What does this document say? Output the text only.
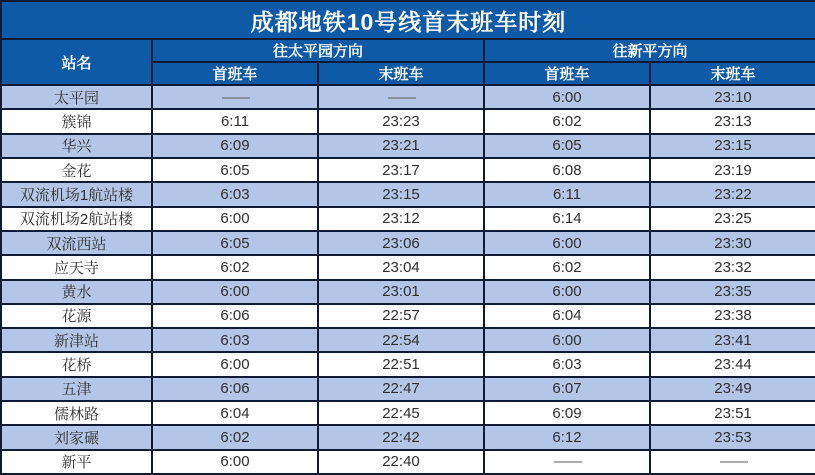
成都地铁10号线首末班车时刻				
站名	往太平园方向		往新平方向	
	首班车	末班车	首班车	末班车
太平园	——	——	6:00	23:10
簇锦	6:11	23:23	6:02	23:13
华兴	6:09	23:21	6:05	23:15
金花	6:05	23:17	6:08	23:19
双流机场1航站楼	6:03	23:15	6:11	23:22
双流机场2航站楼	6:00	23:12	6:14	23:25
双流西站	6:05	23:06	6:00	23:30
应天寺	6:02	23:04	6:02	23:32
黄水	6:00	23:01	6:00	23:35
花源	6:06	22:57	6:04	23:38
新津站	6:03	22:54	6:00	23:41
花桥	6:00	22:51	6:03	23:44
五津	6:06	22:47	6:07	23:49
儒林路	6:04	22:45	6:09	23:51
刘家碾	6:02	22:42	6:12	23:53
新平	6:00	22:40	——	——
